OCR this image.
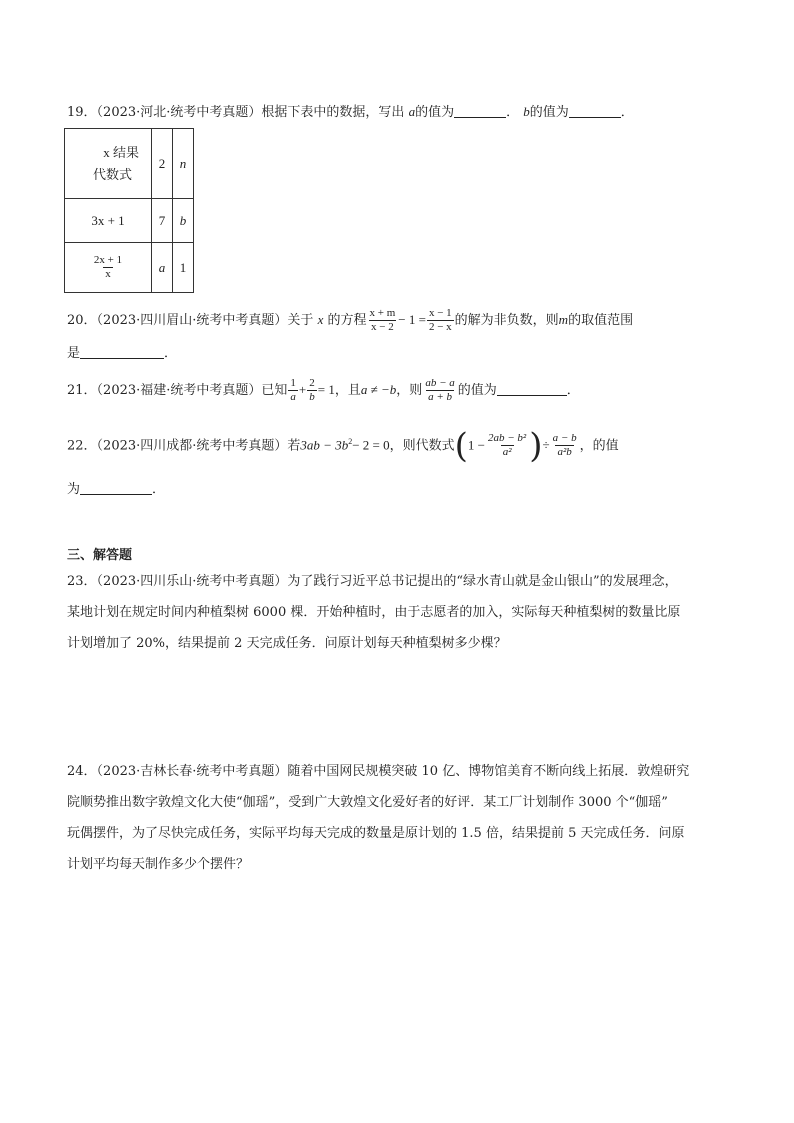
19．（2023·河北·统考中考真题）根据下表中的数据，写出 a的值为	． b的值为	．
x 结果
代数式	2	n
3x + 1	7	b

$\frac{2x + 1}{x}$	a	1
20．（2023·四川眉山·统考中考真题）关于 x 的方程 $\frac{x + m}{x - 2} - 1 = \frac{x - 1}{2 - x}$ 的解为非负数，则m的取值范围
是	．
21．（2023·福建·统考中考真题）已知 $\frac{1}{a} + \frac{2}{b} = 1$，且a ≠ −b，则 $\frac{ab - a}{a + b}$ 的值为	．
22．（2023·四川成都·统考中考真题）若$3ab - 3b^2- 2 = 0$，则代数式($1 - \frac{\text{2ab − b²}}{\text{a²}}$ )÷ $\frac{a - b}{\text{a²b}}$ ，的值
为	．
三、解答题
23．（2023·四川乐山·统考中考真题）为了践行习近平总书记提出的“绿水青山就是金山银山”的发展理念，
某地计划在规定时间内种植梨树 6000 棵．开始种植时，由于志愿者的加入，实际每天种植梨树的数量比原
计划增加了 20%，结果提前 2 天完成任务．问原计划每天种植梨树多少棵？
24．（2023·吉林长春·统考中考真题）随着中国网民规模突破 10 亿、博物馆美育不断向线上拓展．敦煌研究
院顺势推出数字敦煌文化大使“伽瑶”，受到广大敦煌文化爱好者的好评．某工厂计划制作 3000 个“伽瑶”
玩偶摆件，为了尽快完成任务，实际平均每天完成的数量是原计划的 1.5 倍，结果提前 5 天完成任务．问原
计划平均每天制作多少个摆件？
